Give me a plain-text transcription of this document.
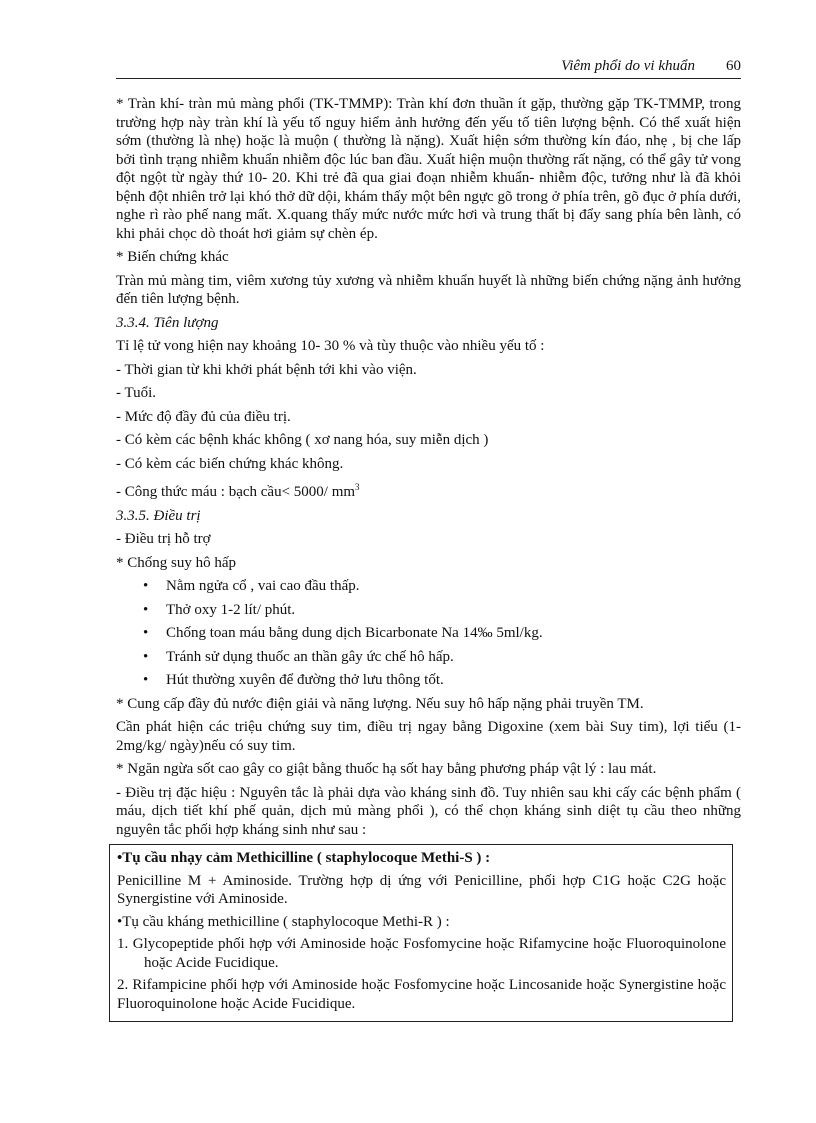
Viêm phổi do vi khuẩn 60

* Tràn khí- tràn mủ màng phổi (TK-TMMP): Tràn khí đơn thuần ít gặp, thường gặp TK-TMMP, trong trường hợp này tràn khí là yếu tố nguy hiểm ảnh hưởng đến yếu tố tiên lượng bệnh. Có thể xuất hiện sớm (thường là nhẹ) hoặc là muộn ( thường là nặng). Xuất hiện sớm thường kín đáo, nhẹ , bị che lấp bởi tình trạng nhiễm khuẩn nhiễm độc lúc ban đầu. Xuất hiện muộn thường rất nặng, có thể gây tử vong đột ngột từ ngày thứ 10- 20. Khi trẻ đã qua giai đoạn nhiễm khuẩn- nhiễm độc, tưởng như là đã khỏi bệnh đột nhiên trở lại khó thở dữ dội, khám thấy một bên ngực gõ trong ở phía trên, gõ đục ở phía dưới, nghe rì rào phế nang mất. X.quang thấy mức nước mức hơi và trung thất bị đẩy sang phía bên lành, có khi phải chọc dò thoát hơi giảm sự chèn ép.

* Biến chứng khác

Tràn mủ màng tim, viêm xương tủy xương và nhiễm khuẩn huyết là những biến chứng nặng ảnh hưởng đến tiên lượng bệnh.

3.3.4. Tiên lượng

Tỉ lệ tử vong hiện nay khoảng 10- 30 % và tùy thuộc vào nhiều yếu tố :

- Thời gian từ khi khởi phát bệnh tới khi vào viện.

- Tuổi.

- Mức độ đầy đủ của điều trị.

- Có kèm các bệnh khác không ( xơ nang hóa, suy miễn dịch )

- Có kèm các biến chứng khác không.

- Công thức máu : bạch cầu< 5000/ $mm^3$

3.3.5. Điều trị

- Điều trị hỗ trợ

* Chống suy hô hấp

• Nằm ngửa cổ , vai cao đầu thấp.
• Thở oxy 1-2 lít/ phút.
• Chống toan máu bằng dung dịch Bicarbonate Na 14‰ 5ml/kg.
• Tránh sử dụng thuốc an thần gây ức chế hô hấp.
• Hút thường xuyên để đường thở lưu thông tốt.

* Cung cấp đầy đủ nước điện giải và năng lượng. Nếu suy hô hấp nặng phải truyền TM.

Cần phát hiện các triệu chứng suy tim, điều trị ngay bằng Digoxine (xem bài Suy tim), lợi tiểu (1-2mg/kg/ ngày)nếu có suy tim.

* Ngăn ngừa sốt cao gây co giật bằng thuốc hạ sốt hay bằng phương pháp vật lý : lau mát.

- Điều trị đặc hiệu : Nguyên tắc là phải dựa vào kháng sinh đồ. Tuy nhiên sau khi cấy các bệnh phẩm ( máu, dịch tiết khí phế quản, dịch mủ màng phổi ), có thể chọn kháng sinh diệt tụ cầu theo những nguyên tắc phối hợp kháng sinh như sau :

•Tụ cầu nhạy cảm Methicilline ( staphylocoque Methi-S ) :

Penicilline M + Aminoside. Trường hợp dị ứng với Penicilline, phối hợp C1G hoặc C2G hoặc Synergistine với Aminoside.

•Tụ cầu kháng methicilline ( staphylocoque Methi-R ) :

1. Glycopeptide phối hợp với Aminoside hoặc Fosfomycine hoặc Rifamycine hoặc Fluoroquinolone hoặc Acide Fucidique.

2. Rifampicine phối hợp với Aminoside hoặc Fosfomycine hoặc Lincosanide hoặc Synergistine hoặc Fluoroquinolone hoặc Acide Fucidique.
